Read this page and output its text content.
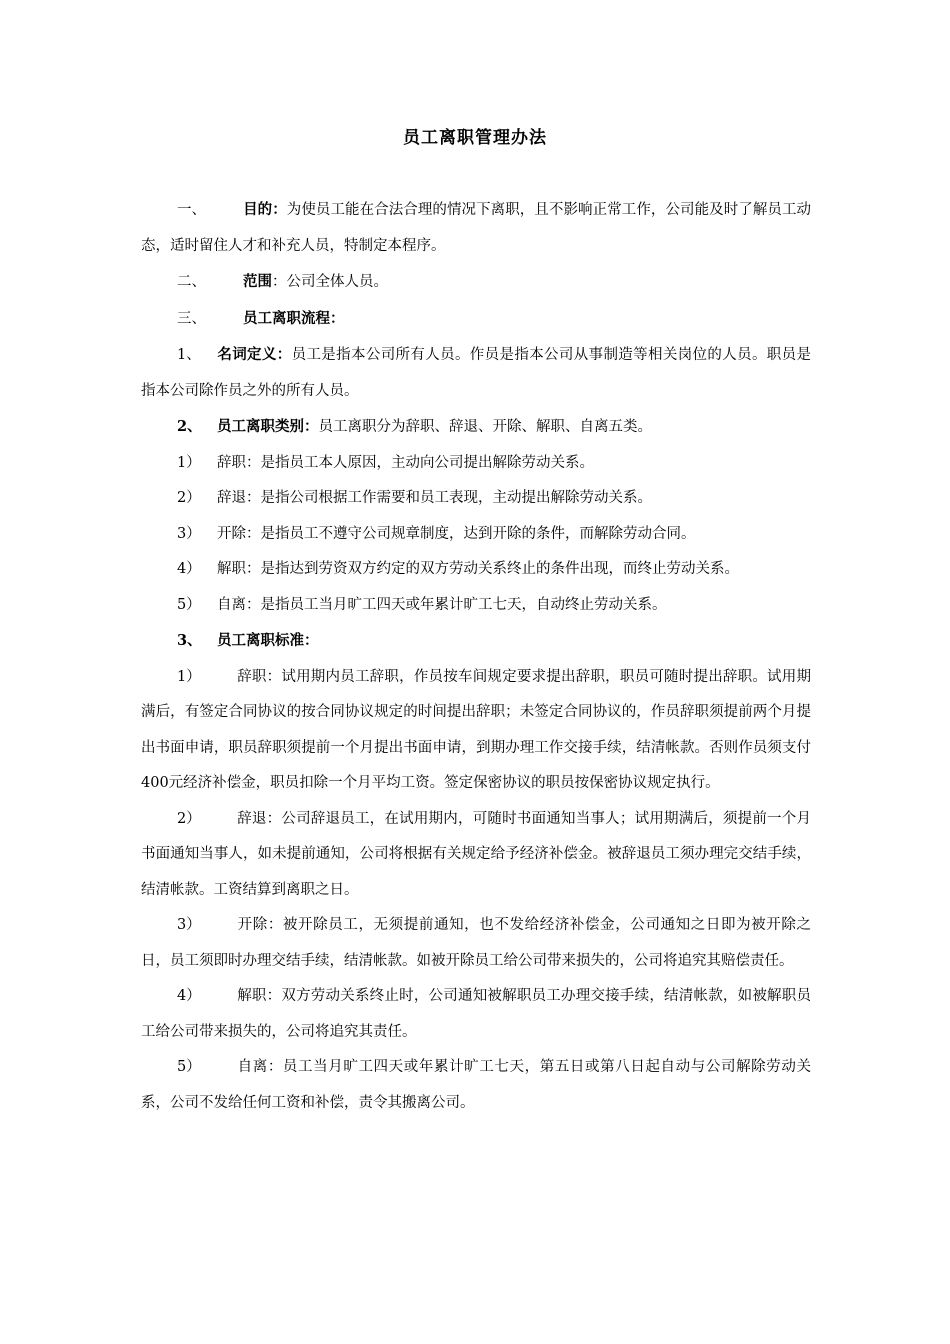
员工离职管理办法

一、	目的：为使员工能在合法合理的情况下离职，且不影响正常工作，公司能及时了解员工动态，适时留住人才和补充人员，特制定本程序。

二、	范围：公司全体人员。

三、	员工离职流程：

1、 名词定义：员工是指本公司所有人员。作员是指本公司从事制造等相关岗位的人员。职员是指本公司除作员之外的所有人员。

2、 员工离职类别：员工离职分为辞职、辞退、开除、解职、自离五类。

1） 辞职：是指员工本人原因，主动向公司提出解除劳动关系。

2） 辞退：是指公司根据工作需要和员工表现，主动提出解除劳动关系。

3） 开除：是指员工不遵守公司规章制度，达到开除的条件，而解除劳动合同。

4） 解职：是指达到劳资双方约定的双方劳动关系终止的条件出现，而终止劳动关系。

5） 自离：是指员工当月旷工四天或年累计旷工七天，自动终止劳动关系。

3、 员工离职标准：

1）	辞职：试用期内员工辞职，作员按车间规定要求提出辞职，职员可随时提出辞职。试用期满后，有签定合同协议的按合同协议规定的时间提出辞职；未签定合同协议的，作员辞职须提前两个月提出书面申请，职员辞职须提前一个月提出书面申请，到期办理工作交接手续，结清帐款。否则作员须支付400元经济补偿金，职员扣除一个月平均工资。签定保密协议的职员按保密协议规定执行。

2）	辞退：公司辞退员工，在试用期内，可随时书面通知当事人；试用期满后，须提前一个月书面通知当事人，如未提前通知，公司将根据有关规定给予经济补偿金。被辞退员工须办理完交结手续，结清帐款。工资结算到离职之日。

3）	开除：被开除员工，无须提前通知，也不发给经济补偿金，公司通知之日即为被开除之日，员工须即时办理交结手续，结清帐款。如被开除员工给公司带来损失的，公司将追究其赔偿责任。

4）	解职：双方劳动关系终止时，公司通知被解职员工办理交接手续，结清帐款，如被解职员工给公司带来损失的，公司将追究其责任。

5）	自离：员工当月旷工四天或年累计旷工七天，第五日或第八日起自动与公司解除劳动关系，公司不发给任何工资和补偿，责令其搬离公司。
